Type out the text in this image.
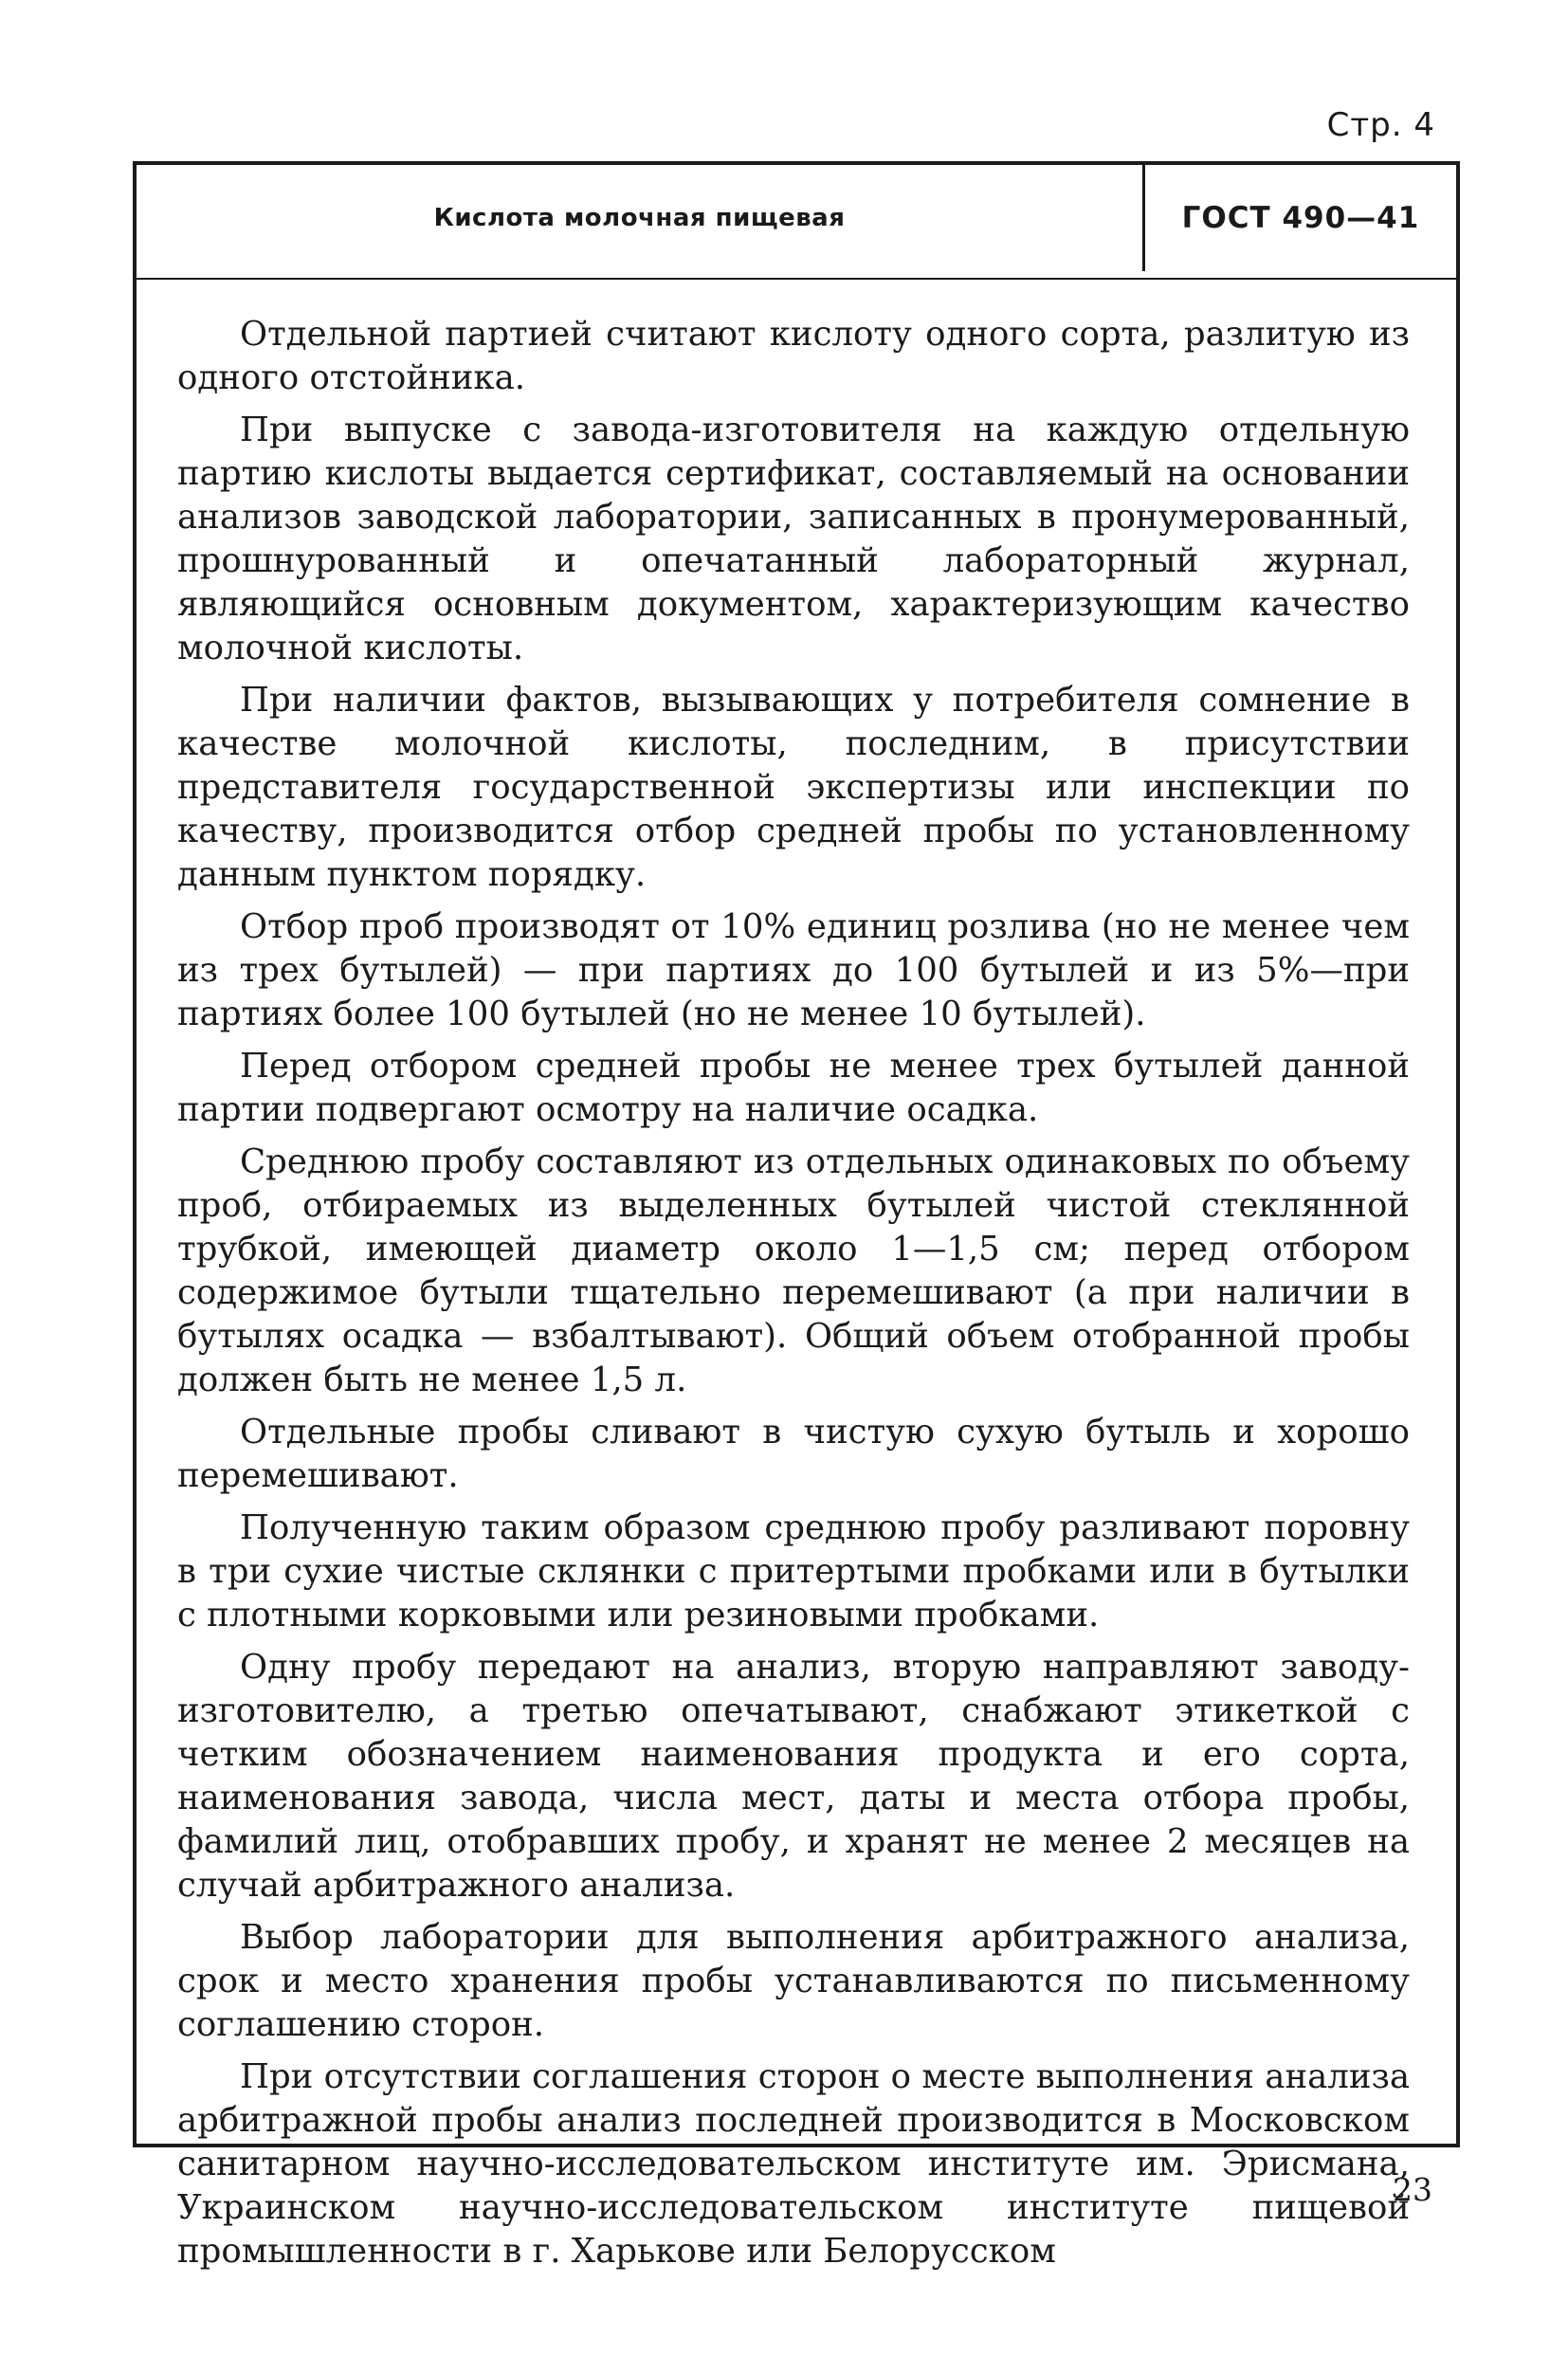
Стр. 4
Кислота молочная пищевая	ГОСТ 490—41

Отдельной партией считают кислоту одного сорта, разлитую из одного отстойника.

При выпуске с завода-изготовителя на каждую отдельную партию кислоты выдается сертификат, составляемый на основании анализов заводской лаборатории, записанных в пронумерованный, прошнурованный и опечатанный лабораторный журнал, являющийся основным документом, характеризующим качество молочной кислоты.

При наличии фактов, вызывающих у потребителя сомнение в качестве молочной кислоты, последним, в присутствии представителя государственной экспертизы или инспекции по качеству, производится отбор средней пробы по установленному данным пунктом порядку.

Отбор проб производят от 10% единиц розлива (но не менее чем из трех бутылей) — при партиях до 100 бутылей и из 5%—при партиях более 100 бутылей (но не менее 10 бутылей).

Перед отбором средней пробы не менее трех бутылей данной партии подвергают осмотру на наличие осадка.

Среднюю пробу составляют из отдельных одинаковых по объему проб, отбираемых из выделенных бутылей чистой стеклянной трубкой, имеющей диаметр около 1—1,5 см; перед отбором содержимое бутыли тщательно перемешивают (а при наличии в бутылях осадка — взбалтывают). Общий объем отобранной пробы должен быть не менее 1,5 л.

Отдельные пробы сливают в чистую сухую бутыль и хорошо перемешивают.

Полученную таким образом среднюю пробу разливают поровну в три сухие чистые склянки с притертыми пробками или в бутылки с плотными корковыми или резиновыми пробками.

Одну пробу передают на анализ, вторую направляют заводу-изготовителю, а третью опечатывают, снабжают этикеткой с четким обозначением наименования продукта и его сорта, наименования завода, числа мест, даты и места отбора пробы, фамилий лиц, отобравших пробу, и хранят не менее 2 месяцев на случай арбитражного анализа.

Выбор лаборатории для выполнения арбитражного анализа, срок и место хранения пробы устанавливаются по письменному соглашению сторон.

При отсутствии соглашения сторон о месте выполнения анализа арбитражной пробы анализ последней производится в Московском санитарном научно-исследовательском институте им. Эрисмана, Украинском научно-исследовательском институте пищевой промышленности в г. Харькове или Белорусском

23
